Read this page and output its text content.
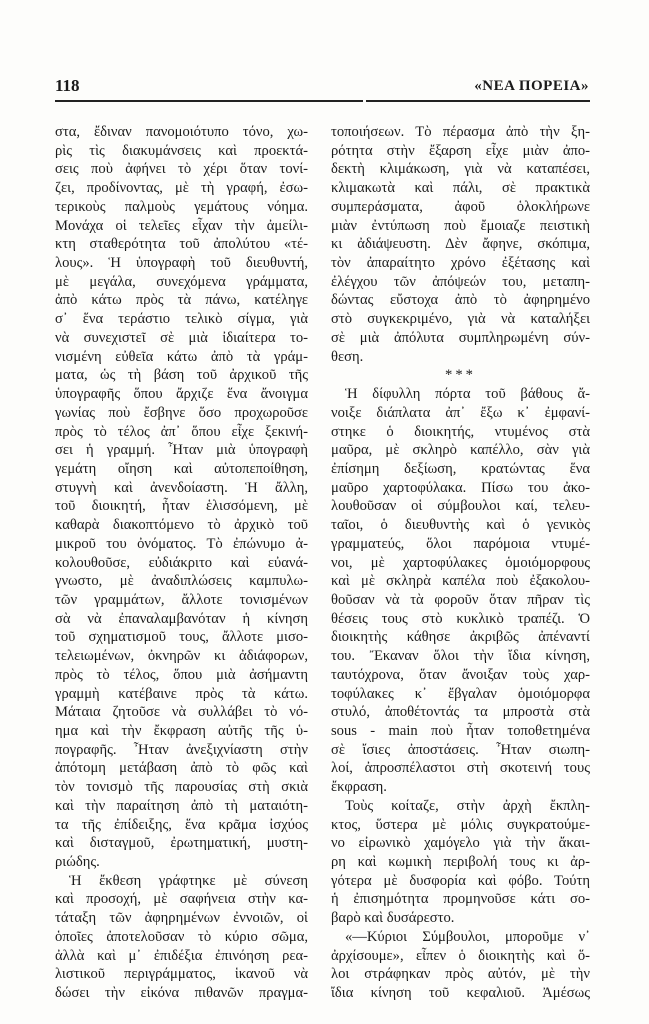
118	«ΝΕΑ ΠΟΡΕΙΑ»
στα, ἔδιναν πανομοιότυπο τόνο, χω-
ρὶς τὶς διακυμάνσεις καὶ προεκτά-
σεις ποὺ ἀφήνει τὸ χέρι ὅταν τονί-
ζει, προδίνοντας, μὲ τὴ γραφή, ἐσω-
τερικοὺς παλμοὺς γεμάτους νόημα.
Μονάχα οἱ τελεῖες εἶχαν τὴν ἀμείλι-
κτη σταθερότητα τοῦ ἀπολύτου «τέ-
λους». Ἡ ὑπογραφὴ τοῦ διευθυντή,
μὲ μεγάλα, συνεχόμενα γράμματα,
ἀπὸ κάτω πρὸς τὰ πάνω, κατέληγε
σ᾽ ἕνα τεράστιο τελικὸ σίγμα, γιὰ
νὰ συνεχιστεῖ σὲ μιὰ ἰδιαίτερα το-
νισμένη εὐθεῖα κάτω ἀπὸ τὰ γράμ-
ματα, ὡς τὴ βάση τοῦ ἀρχικοῦ τῆς
ὑπογραφῆς ὅπου ἄρχιζε ἕνα ἄνοιγμα
γωνίας ποὺ ἔσβηνε ὅσο προχωροῦσε
πρὸς τὸ τέλος ἀπ᾽ ὅπου εἶχε ξεκινή-
σει ἡ γραμμή. Ἦταν μιὰ ὑπογραφὴ
γεμάτη οἴηση καὶ αὐτοπεποίθηση,
στυγνὴ καὶ ἀνενδοίαστη. Ἡ ἄλλη,
τοῦ διοικητή, ἦταν ἑλισσόμενη, μὲ
καθαρὰ διακοπτόμενο τὸ ἀρχικὸ τοῦ
μικροῦ του ὀνόματος. Τὸ ἐπώνυμο ἀ-
κολουθοῦσε, εὐδιάκριτο καὶ εὐανά-
γνωστο, μὲ ἀναδιπλώσεις καμπυλω-
τῶν γραμμάτων, ἄλλοτε τονισμένων
σὰ νὰ ἐπαναλαμβανόταν ἡ κίνηση
τοῦ σχηματισμοῦ τους, ἄλλοτε μισο-
τελειωμένων, ὀκνηρῶν κι ἀδιάφορων,
πρὸς τὸ τέλος, ὅπου μιὰ ἀσήμαντη
γραμμὴ κατέβαινε πρὸς τὰ κάτω.
Μάταια ζητοῦσε νὰ συλλάβει τὸ νό-
ημα καὶ τὴν ἔκφραση αὐτῆς τῆς ὑ-
πογραφῆς. Ἦταν ἀνεξιχνίαστη στὴν
ἀπότομη μετάβαση ἀπὸ τὸ φῶς καὶ
τὸν τονισμὸ τῆς παρουσίας στὴ σκιὰ
καὶ τὴν παραίτηση ἀπὸ τὴ ματαιότη-
τα τῆς ἐπίδειξης, ἕνα κρᾶμα ἰσχύος
καὶ δισταγμοῦ, ἐρωτηματική, μυστη-
ριώδης.
Ἡ ἔκθεση γράφτηκε μὲ σύνεση
καὶ προσοχή, μὲ σαφήνεια στὴν κα-
τάταξη τῶν ἀφηρημένων ἐννοιῶν, οἱ
ὁποῖες ἀποτελοῦσαν τὸ κύριο σῶμα,
ἀλλὰ καὶ μ᾽ ἐπιδέξια ἐπινόηση ρεα-
λιστικοῦ περιγράμματος, ἱκανοῦ νὰ
δώσει τὴν εἰκόνα πιθανῶν πραγμα-
τοποιήσεων. Τὸ πέρασμα ἀπὸ τὴν ξη-
ρότητα στὴν ἔξαρση εἶχε μιὰν ἀπο-
δεκτὴ κλιμάκωση, γιὰ νὰ καταπέσει,
κλιμακωτὰ καὶ πάλι, σὲ πρακτικὰ
συμπεράσματα, ἀφοῦ ὁλοκλήρωνε
μιὰν ἐντύπωση ποὺ ἔμοιαζε πειστικὴ
κι ἀδιάψευστη. Δὲν ἄφηνε, σκόπιμα,
τὸν ἀπαραίτητο χρόνο ἐξέτασης καὶ
ἐλέγχου τῶν ἀπόψεών του, μεταπη-
δώντας εὔστοχα ἀπὸ τὸ ἀφηρημένο
στὸ συγκεκριμένο, γιὰ νὰ καταλήξει
σὲ μιὰ ἀπόλυτα συμπληρωμένη σύν-
θεση.
***
Ἡ δίφυλλη πόρτα τοῦ βάθους ἄ-
νοιξε διάπλατα ἀπ᾽ ἔξω κ᾽ ἐμφανί-
στηκε ὁ διοικητής, ντυμένος στὰ
μαῦρα, μὲ σκληρὸ καπέλλο, σὰν γιὰ
ἐπίσημη δεξίωση, κρατώντας ἕνα
μαῦρο χαρτοφύλακα. Πίσω του ἀκο-
λουθοῦσαν οἱ σύμβουλοι καί, τελευ-
ταῖοι, ὁ διευθυντὴς καὶ ὁ γενικὸς
γραμματεύς, ὅλοι παρόμοια ντυμέ-
νοι, μὲ χαρτοφύλακες ὁμοιόμορφους
καὶ μὲ σκληρὰ καπέλα ποὺ ἐξακολου-
θοῦσαν νὰ τὰ φοροῦν ὅταν πῆραν τὶς
θέσεις τους στὸ κυκλικὸ τραπέζι. Ὁ
διοικητὴς κάθησε ἀκριβῶς ἀπέναντί
του. Ἔκαναν ὅλοι τὴν ἴδια κίνηση,
ταυτόχρονα, ὅταν ἄνοιξαν τοὺς χαρ-
τοφύλακες κ᾽ ἔβγαλαν ὁμοιόμορφα
στυλό, ἀποθέτοντάς τα μπροστὰ στὰ
sous - main ποὺ ἦταν τοποθετημένα
σὲ ἴσιες ἀποστάσεις. Ἦταν σιωπη-
λοί, ἀπροσπέλαστοι στὴ σκοτεινή τους
ἔκφραση.
Τοὺς κοίταζε, στὴν ἀρχὴ ἔκπλη-
κτος, ὕστερα μὲ μόλις συγκρατούμε-
νο εἰρωνικὸ χαμόγελο γιὰ τὴν ἄκαι-
ρη καὶ κωμικὴ περιβολή τους κι ἀρ-
γότερα μὲ δυσφορία καὶ φόβο. Τούτη
ἡ ἐπισημότητα προμηνοῦσε κάτι σο-
βαρὸ καὶ δυσάρεστο.
«—Κύριοι Σύμβουλοι, μποροῦμε ν᾽
ἀρχίσουμε», εἶπεν ὁ διοικητὴς καὶ ὅ-
λοι στράφηκαν πρὸς αὐτόν, μὲ τὴν
ἴδια κίνηση τοῦ κεφαλιοῦ. Ἀμέσως
